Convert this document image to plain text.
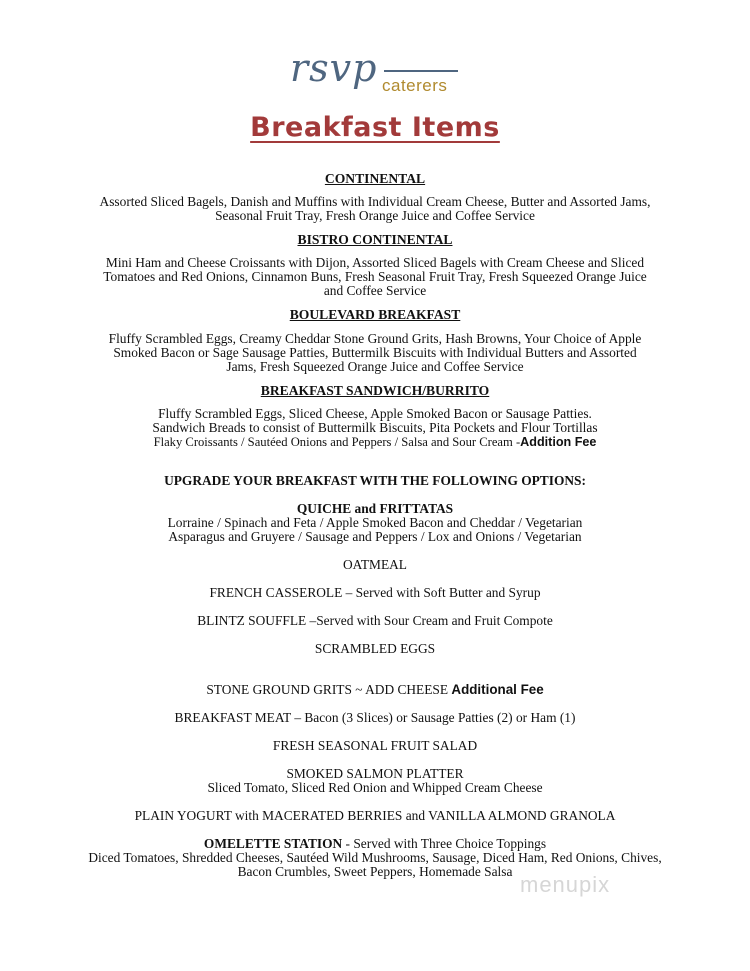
rsvp caterers
Breakfast Items
CONTINENTAL
Assorted Sliced Bagels, Danish and Muffins with Individual Cream Cheese, Butter and Assorted Jams,
Seasonal Fruit Tray, Fresh Orange Juice and Coffee Service
BISTRO CONTINENTAL
Mini Ham and Cheese Croissants with Dijon, Assorted Sliced Bagels with Cream Cheese and Sliced
Tomatoes and Red Onions, Cinnamon Buns, Fresh Seasonal Fruit Tray, Fresh Squeezed Orange Juice
and Coffee Service
BOULEVARD BREAKFAST
Fluffy Scrambled Eggs, Creamy Cheddar Stone Ground Grits, Hash Browns, Your Choice of Apple
Smoked Bacon or Sage Sausage Patties, Buttermilk Biscuits with Individual Butters and Assorted
Jams, Fresh Squeezed Orange Juice and Coffee Service
BREAKFAST SANDWICH/BURRITO
Fluffy Scrambled Eggs, Sliced Cheese, Apple Smoked Bacon or Sausage Patties.
Sandwich Breads to consist of Buttermilk Biscuits, Pita Pockets and Flour Tortillas
Flaky Croissants / Sautéed Onions and Peppers / Salsa and Sour Cream -Addition Fee
UPGRADE YOUR BREAKFAST WITH THE FOLLOWING OPTIONS:
QUICHE and FRITTATAS
Lorraine / Spinach and Feta / Apple Smoked Bacon and Cheddar / Vegetarian
Asparagus and Gruyere / Sausage and Peppers / Lox and Onions / Vegetarian
OATMEAL
FRENCH CASSEROLE – Served with Soft Butter and Syrup
BLINTZ SOUFFLE –Served with Sour Cream and Fruit Compote
SCRAMBLED EGGS
STONE GROUND GRITS ~ ADD CHEESE Additional Fee
BREAKFAST MEAT – Bacon (3 Slices) or Sausage Patties (2) or Ham (1)
FRESH SEASONAL FRUIT SALAD
SMOKED SALMON PLATTER
Sliced Tomato, Sliced Red Onion and Whipped Cream Cheese
PLAIN YOGURT with MACERATED BERRIES and VANILLA ALMOND GRANOLA
OMELETTE STATION - Served with Three Choice Toppings
Diced Tomatoes, Shredded Cheeses, Sautéed Wild Mushrooms, Sausage, Diced Ham, Red Onions, Chives,
Bacon Crumbles, Sweet Peppers, Homemade Salsa
menupix
